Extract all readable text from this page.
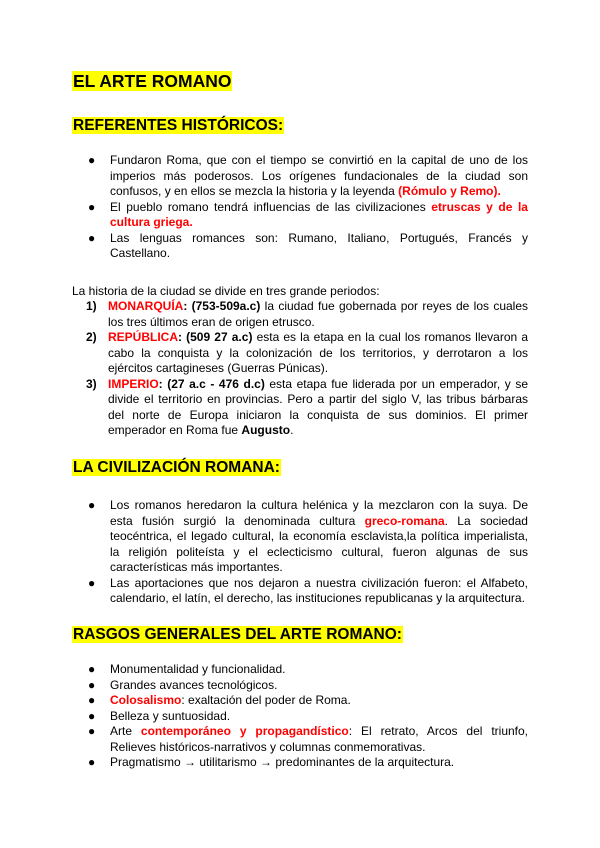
EL ARTE ROMANO
REFERENTES HISTÓRICOS:
● Fundaron Roma, que con el tiempo se convirtió en la capital de uno de los imperios más poderosos. Los orígenes fundacionales de la ciudad son confusos, y en ellos se mezcla la historia y la leyenda (Rómulo y Remo).
● El pueblo romano tendrá influencias de las civilizaciones etruscas y de la cultura griega.
● Las lenguas romances son: Rumano, Italiano, Portugués, Francés y Castellano.

La historia de la ciudad se divide en tres grande periodos:

1) MONARQUÍA: (753-509a.c) la ciudad fue gobernada por reyes de los cuales los tres últimos eran de origen etrusco.
2) REPÚBLICA: (509 27 a.c) esta es la etapa en la cual los romanos llevaron a cabo la conquista y la colonización de los territorios, y derrotaron a los ejércitos cartagineses (Guerras Púnicas).
3) IMPERIO: (27 a.c - 476 d.c) esta etapa fue liderada por un emperador, y se divide el territorio en provincias. Pero a partir del siglo V, las tribus bárbaras del norte de Europa iniciaron la conquista de sus dominios. El primer emperador en Roma fue Augusto.
LA CIVILIZACIÓN ROMANA:
● Los romanos heredaron la cultura helénica y la mezclaron con la suya. De esta fusión surgió la denominada cultura greco-romana. La sociedad teocéntrica, el legado cultural, la economía esclavista,la política imperialista, la religión politeísta y el eclecticismo cultural, fueron algunas de sus características más importantes.
● Las aportaciones que nos dejaron a nuestra civilización fueron: el Alfabeto, calendario, el latín, el derecho, las instituciones republicanas y la arquitectura.
RASGOS GENERALES DEL ARTE ROMANO:
● Monumentalidad y funcionalidad.
● Grandes avances tecnológicos.
● Colosalismo: exaltación del poder de Roma.
● Belleza y suntuosidad.
● Arte contemporáneo y propagandístico: El retrato, Arcos del triunfo, Relieves históricos-narrativos y columnas conmemorativas.
● Pragmatismo → utilitarismo → predominantes de la arquitectura.
